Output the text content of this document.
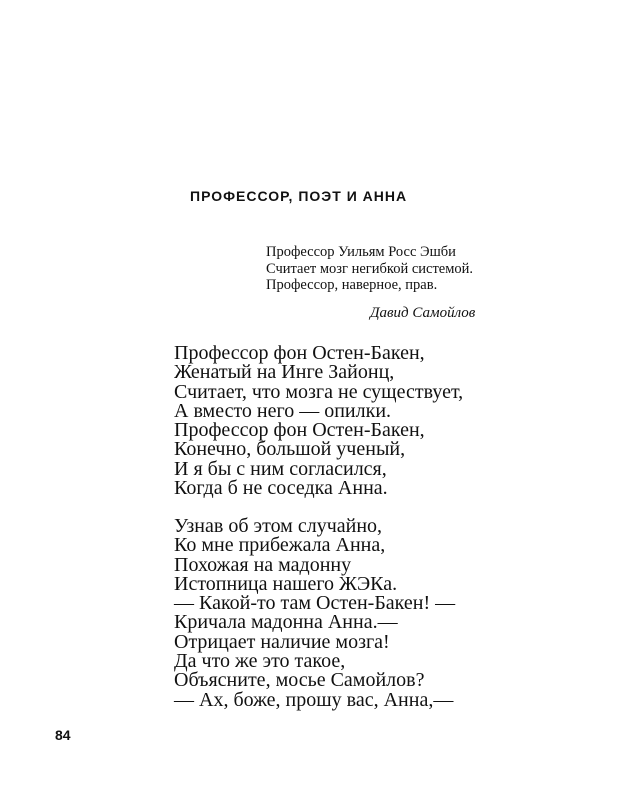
ПРОФЕССОР, ПОЭТ И АННА
Профессор Уильям Росс Эшби
Считает мозг негибкой системой.
Профессор, наверное, прав.
Давид Самойлов
Профессор фон Остен-Бакен,
Женатый на Инге Зайонц,
Считает, что мозга не существует,
А вместо него — опилки.
Профессор фон Остен-Бакен,
Конечно, большой ученый,
И я бы с ним согласился,
Когда б не соседка Анна.
Узнав об этом случайно,
Ко мне прибежала Анна,
Похожая на мадонну
Истопница нашего ЖЭКа.
— Какой-то там Остен-Бакен! —
Кричала мадонна Анна.—
Отрицает наличие мозга!
Да что же это такое,
Объясните, мосье Самойлов?
— Ах, боже, прошу вас, Анна,—
84
